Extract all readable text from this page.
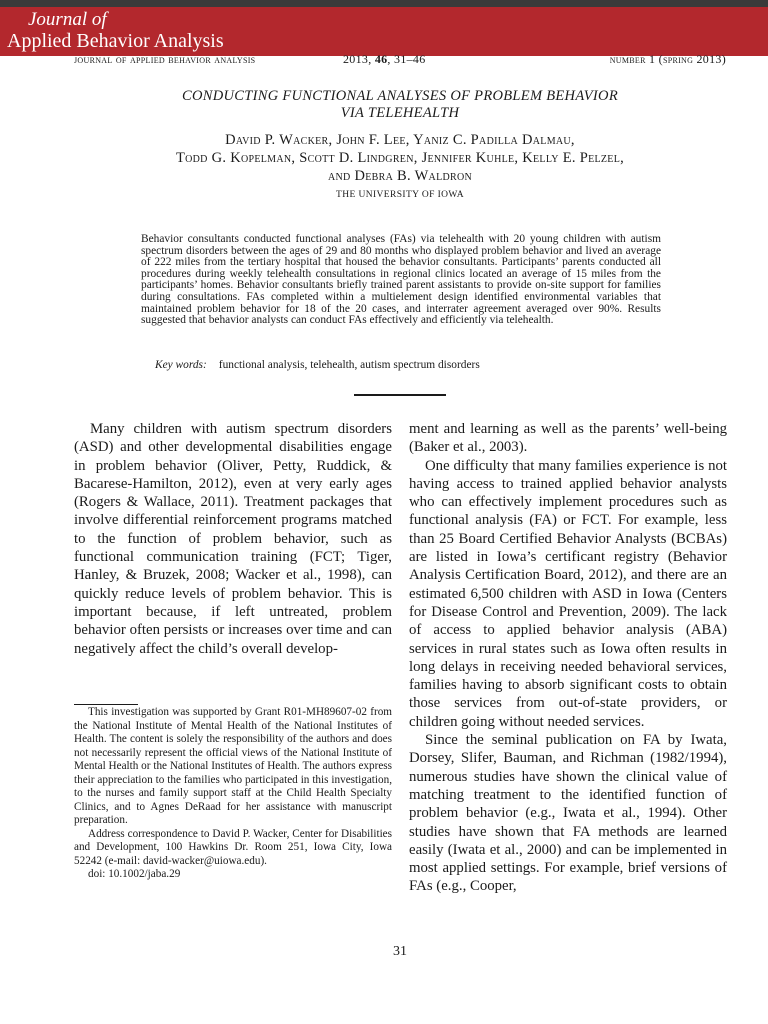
Journal of
Applied Behavior Analysis
journal of applied behavior analysis	2013, 46, 31–46	number 1 (spring 2013)
CONDUCTING FUNCTIONAL ANALYSES OF PROBLEM BEHAVIOR
VIA TELEHEALTH
David P. Wacker, John F. Lee, Yaniz C. Padilla Dalmau,
Todd G. Kopelman, Scott D. Lindgren, Jennifer Kuhle, Kelly E. Pelzel,
and Debra B. Waldron
THE UNIVERSITY OF IOWA

Behavior consultants conducted functional analyses (FAs) via telehealth with 20 young children with autism spectrum disorders between the ages of 29 and 80 months who displayed problem behavior and lived an average of 222 miles from the tertiary hospital that housed the behavior consultants. Participants’ parents conducted all procedures during weekly telehealth consultations in regional clinics located an average of 15 miles from the participants’ homes. Behavior consultants briefly trained parent assistants to provide on-site support for families during consultations. FAs completed within a multielement design identified environmental variables that maintained problem behavior for 18 of the 20 cases, and interrater agreement averaged over 90%. Results suggested that behavior analysts can conduct FAs effectively and efficiently via telehealth.

Key words: functional analysis, telehealth, autism spectrum disorders

Many children with autism spectrum disorders (ASD) and other developmental disabilities engage in problem behavior (Oliver, Petty, Ruddick, & Bacarese-Hamilton, 2012), even at very early ages (Rogers & Wallace, 2011). Treatment packages that involve differential reinforcement programs matched to the function of problem behavior, such as functional communication training (FCT; Tiger, Hanley, & Bruzek, 2008; Wacker et al., 1998), can quickly reduce levels of problem behavior. This is important because, if left untreated, problem behavior often persists or increases over time and can negatively affect the child’s overall develop-

ment and learning as well as the parents’ well-being (Baker et al., 2003).

One difficulty that many families experience is not having access to trained applied behavior analysts who can effectively implement procedures such as functional analysis (FA) or FCT. For example, less than 25 Board Certified Behavior Analysts (BCBAs) are listed in Iowa’s certificant registry (Behavior Analysis Certification Board, 2012), and there are an estimated 6,500 children with ASD in Iowa (Centers for Disease Control and Prevention, 2009). The lack of access to applied behavior analysis (ABA) services in rural states such as Iowa often results in long delays in receiving needed behavioral services, families having to absorb significant costs to obtain those services from out-of-state providers, or children going without needed services.

Since the seminal publication on FA by Iwata, Dorsey, Slifer, Bauman, and Richman (1982/1994), numerous studies have shown the clinical value of matching treatment to the identified function of problem behavior (e.g., Iwata et al., 1994). Other studies have shown that FA methods are learned easily (Iwata et al., 2000) and can be implemented in most applied settings. For example, brief versions of FAs (e.g., Cooper,

This investigation was supported by Grant R01-MH89607-02 from the National Institute of Mental Health of the National Institutes of Health. The content is solely the responsibility of the authors and does not necessarily represent the official views of the National Institute of Mental Health or the National Institutes of Health. The authors express their appreciation to the families who participated in this investigation, to the nurses and family support staff at the Child Health Specialty Clinics, and to Agnes DeRaad for her assistance with manuscript preparation.

Address correspondence to David P. Wacker, Center for Disabilities and Development, 100 Hawkins Dr. Room 251, Iowa City, Iowa 52242 (e-mail: david-wacker@uiowa.edu).

doi: 10.1002/jaba.29

31
